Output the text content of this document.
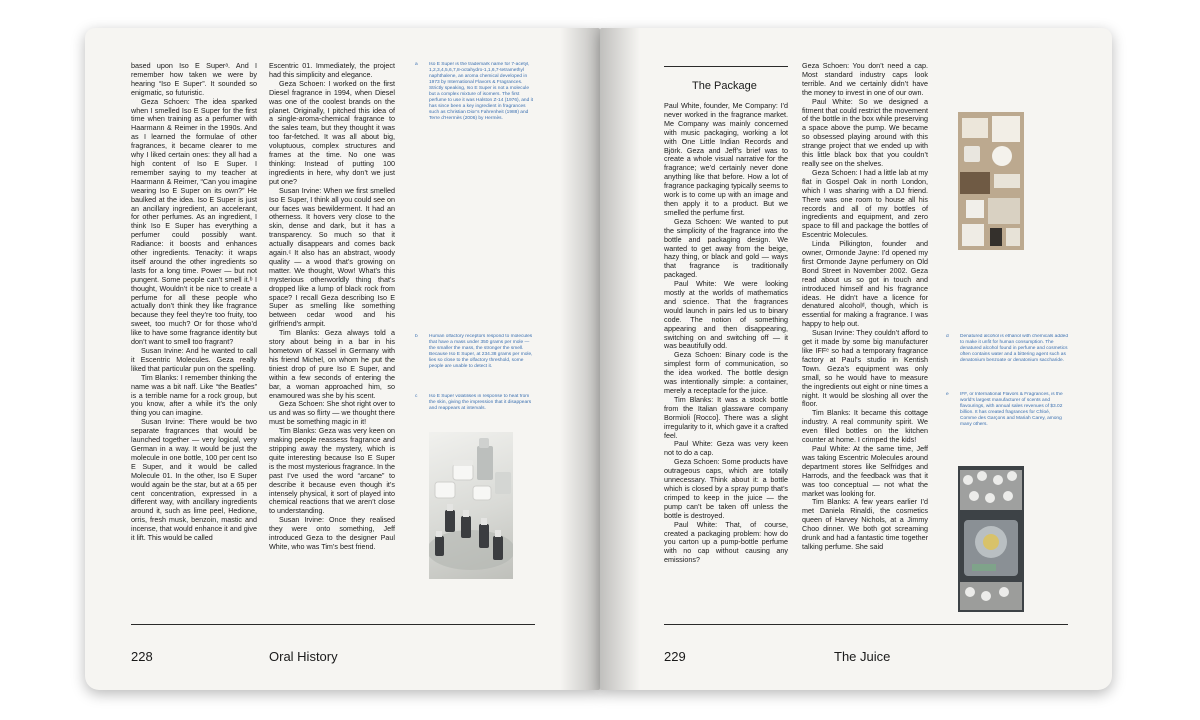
based upon Iso E Superᵃ. And I remember how taken we were by hearing “Iso E Super”. It sounded so enigmatic, so futuristic.

Geza Schoen: The idea sparked when I smelled Iso E Super for the first time when training as a perfumer with Haarmann & Reimer in the 1990s. And as I learned the formulae of other fragrances, it became clearer to me why I liked certain ones: they all had a high content of Iso E Super. I remember saying to my teacher at Haarmann & Reimer, “Can you imagine wearing Iso E Super on its own?” He baulked at the idea. Iso E Super is just an ancillary ingredient, an accelerant, for other perfumes. As an ingredient, I think Iso E Super has everything a perfumer could possibly want. Radiance: it boosts and enhances other ingredients. Tenacity: it wraps itself around the other ingredients so lasts for a long time. Power — but not pungent. Some people can’t smell it.ᵇ I thought, Wouldn’t it be nice to create a perfume for all these people who actually don’t think they like fragrance because they feel they’re too fruity, too sweet, too much? Or for those who’d like to have some fragrance identity but don’t want to smell too fragrant?

Susan Irvine: And he wanted to call it Escentric Molecules. Geza really liked that particular pun on the spelling.

Tim Blanks: I remember thinking the name was a bit naff. Like “the Beatles” is a terrible name for a rock group, but you know, after a while it’s the only thing you can imagine.

Susan Irvine: There would be two separate fragrances that would be launched together — very logical, very German in a way. It would be just the molecule in one bottle, 100 per cent Iso E Super, and it would be called Molecule 01. In the other, Iso E Super would again be the star, but at a 65 per cent concentration, expressed in a different way, with ancillary ingredients around it, such as lime peel, Hedione, orris, fresh musk, benzoin, mastic and incense, that would enhance it and give it lift. This would be called

Escentric 01. Immediately, the project had this simplicity and elegance.

Geza Schoen: I worked on the first Diesel fragrance in 1994, when Diesel was one of the coolest brands on the planet. Originally, I pitched this idea of a single-aroma-chemical fragrance to the sales team, but they thought it was too far-fetched. It was all about big, voluptuous, complex structures and frames at the time. No one was thinking: Instead of putting 100 ingredients in here, why don’t we just put one?

Susan Irvine: When we first smelled Iso E Super, I think all you could see on our faces was bewilderment. It had an otherness. It hovers very close to the skin, dense and dark, but it has a transparency. So much so that it actually disappears and comes back again.ᶜ It also has an abstract, woody quality — a wood that’s growing on matter. We thought, Wow! What’s this mysterious otherworldly thing that’s dropped like a lump of black rock from space? I recall Geza describing Iso E Super as smelling like something between cedar wood and his girlfriend’s armpit.

Tim Blanks: Geza always told a story about being in a bar in his hometown of Kassel in Germany with his friend Michel, on whom he put the tiniest drop of pure Iso E Super, and within a few seconds of entering the bar, a woman approached him, so enamoured was she by his scent.

Geza Schoen: She shot right over to us and was so flirty — we thought there must be something magic in it!

Tim Blanks: Geza was very keen on making people reassess fragrance and stripping away the mystery, which is quite interesting because Iso E Super is the most mysterious fragrance. In the past I’ve used the word “arcane” to describe it because even though it’s intensely physical, it sort of played into chemical reactions that we aren’t close to understanding.

Susan Irvine: Once they realised they were onto something, Jeff introduced Geza to the designer Paul White, who was Tim’s best friend.

a Iso E Super is the trademark name for 7-acetyl, 1,2,3,4,5,6,7,8-octahydro-1,1,6,7-tetramethyl naphthalene, an aroma chemical developed in 1973 by International Flavors & Fragrances. Strictly speaking, Iso E Super is not a molecule but a complex mixture of isomers. The first perfume to use it was Halston Z-14 (1976), and it has since been a key ingredient in fragrances such as Christian Dior’s Fahrenheit (1988) and Terre d’Hermès (2006) by Hermès.
b Human olfactory receptors respond to molecules that have a mass under 350 grams per mole — the smaller the mass, the stronger the smell. Because Iso E Super, at 234.38 grams per mole, lies so close to the olfactory threshold, some people are unable to detect it.
c Iso E Super volatilises in response to heat from the skin, giving the impression that it disappears and reappears at intervals.
228	Oral History
The Package

Paul White, founder, Me Company: I’d never worked in the fragrance market. Me Company was mainly concerned with music packaging, working a lot with One Little Indian Records and Björk. Geza and Jeff’s brief was to create a whole visual narrative for the fragrance; we’d certainly never done anything like that before. How a lot of fragrance packaging typically seems to work is to come up with an image and then apply it to a product. But we smelled the perfume first.

Geza Schoen: We wanted to put the simplicity of the fragrance into the bottle and packaging design. We wanted to get away from the beige, hazy thing, or black and gold — ways that fragrance is traditionally packaged.

Paul White: We were looking mostly at the worlds of mathematics and science. That the fragrances would launch in pairs led us to binary code. The notion of something appearing and then disappearing, switching on and switching off — it was beautifully odd.

Geza Schoen: Binary code is the simplest form of communication, so the idea worked. The bottle design was intentionally simple: a container, merely a receptacle for the juice.

Tim Blanks: It was a stock bottle from the Italian glassware company Bormioli [Rocco]. There was a slight irregularity to it, which gave it a crafted feel.

Paul White: Geza was very keen not to do a cap.

Geza Schoen: Some products have outrageous caps, which are totally unnecessary. Think about it: a bottle which is closed by a spray pump that’s crimped to keep in the juice — the pump can’t be taken off unless the bottle is destroyed.

Paul White: That, of course, created a packaging problem: how do you carton up a pump-bottle perfume with no cap without causing any emissions?

Geza Schoen: You don’t need a cap. Most standard industry caps look terrible. And we certainly didn’t have the money to invest in one of our own.

Paul White: So we designed a fitment that could restrict the movement of the bottle in the box while preserving a space above the pump. We became so obsessed playing around with this strange project that we ended up with this little black box that you couldn’t really see on the shelves.

Geza Schoen: I had a little lab at my flat in Gospel Oak in north London, which I was sharing with a DJ friend. There was one room to house all his records and all of my bottles of ingredients and equipment, and zero space to fill and package the bottles of Escentric Molecules.

Linda Pilkington, founder and owner, Ormonde Jayne: I’d opened my first Ormonde Jayne perfumery on Old Bond Street in November 2002. Geza read about us so got in touch and introduced himself and his fragrance ideas. He didn’t have a licence for denatured alcoholᵈ, though, which is essential for making a fragrance. I was happy to help out.

Susan Irvine: They couldn’t afford to get it made by some big manufacturer like IFFᵉ so had a temporary fragrance factory at Paul’s studio in Kentish Town. Geza’s equipment was only small, so he would have to measure the ingredients out eight or nine times a night. It would be sloshing all over the floor.

Tim Blanks: It became this cottage industry. A real community spirit. We even filled bottles on the kitchen counter at home. I crimped the kids!

Paul White: At the same time, Jeff was taking Escentric Molecules around department stores like Selfridges and Harrods, and the feedback was that it was too conceptual — not what the market was looking for.

Tim Blanks: A few years earlier I’d met Daniela Rinaldi, the cosmetics queen of Harvey Nichols, at a Jimmy Choo dinner. We both got screaming drunk and had a fantastic time together talking perfume. She said

d Denatured alcohol is ethanol with chemicals added to make it unfit for human consumption. The denatured alcohol found in perfume and cosmetics often contains water and a bittering agent such as denatonium benzoate or denatonium saccharide.
e IFF, or International Flavors & Fragrances, is the world’s largest manufacturer of scents and flavourings, with annual sales revenues of $3.02 billion. It has created fragrances for Chloé, Comme des Garçons and Mariah Carey, among many others.
229	The Juice
